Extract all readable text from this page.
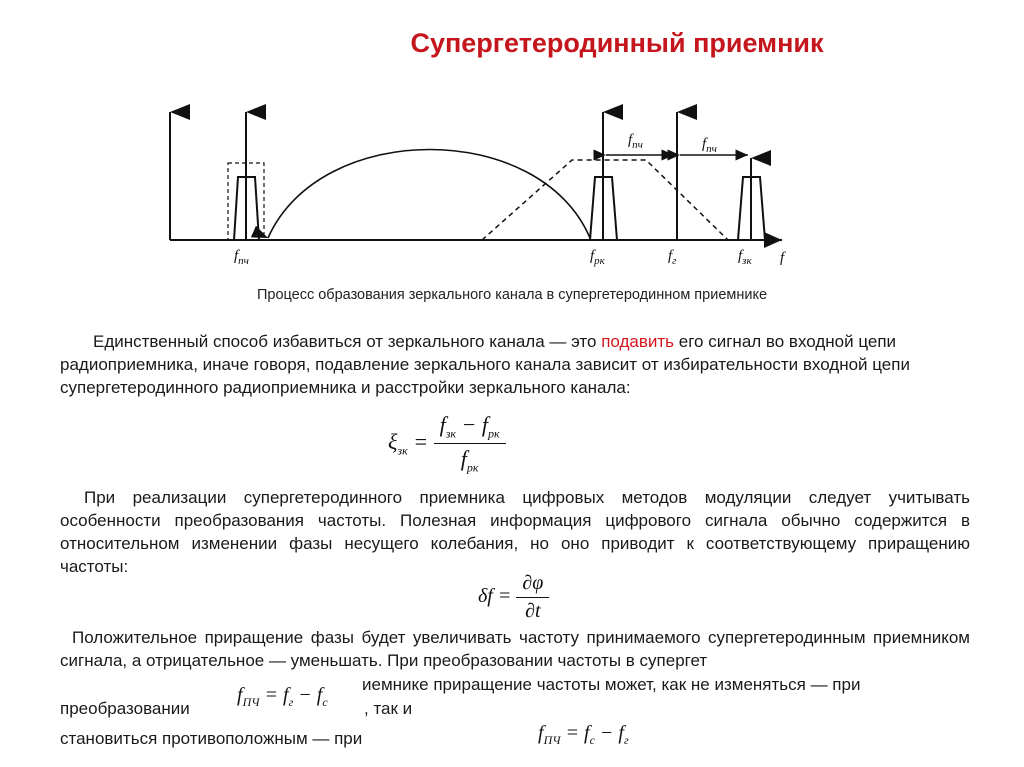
Супергетеродинный приемник
$f_{пч}$	$f_{пч}$
$f_{пч}$	$f_{рк}$	$f_г$	$f_{зк}$ f
Процесс образования зеркального канала в супергетеродинном приемнике
Единственный способ избавиться от зеркального канала — это подавить его сигнал во входной цепи радиоприемника, иначе говоря, подавление зеркального канала зависит от избирательности входной цепи супергетеродинного радиоприемника и расстройки зеркального канала:
$\xi_{зк} = \frac{f_{зк} - f_{рк}}{f_{рк}}$
При реализации супергетеродинного приемника цифровых методов модуляции следует учитывать особенности преобразования частоты. Полезная информация цифрового сигнала обычно содержится в относительном изменении фазы несущего колебания, но оно приводит к соответствующему приращению частоты:
$\delta f = \frac{\partial\varphi}{\partial t}$
Положительное приращение фазы будет увеличивать частоту принимаемого супергетеродинным приемником сигнала, а отрицательное — уменьшать. При преобразовании частоты в супергет
иемнике приращение частоты может, как не изменяться — при
преобразовании	, так и
$f_{ПЧ} = f_г - f_с$
становиться противоположным — при	$f_{ПЧ} = f_с - f_г$
